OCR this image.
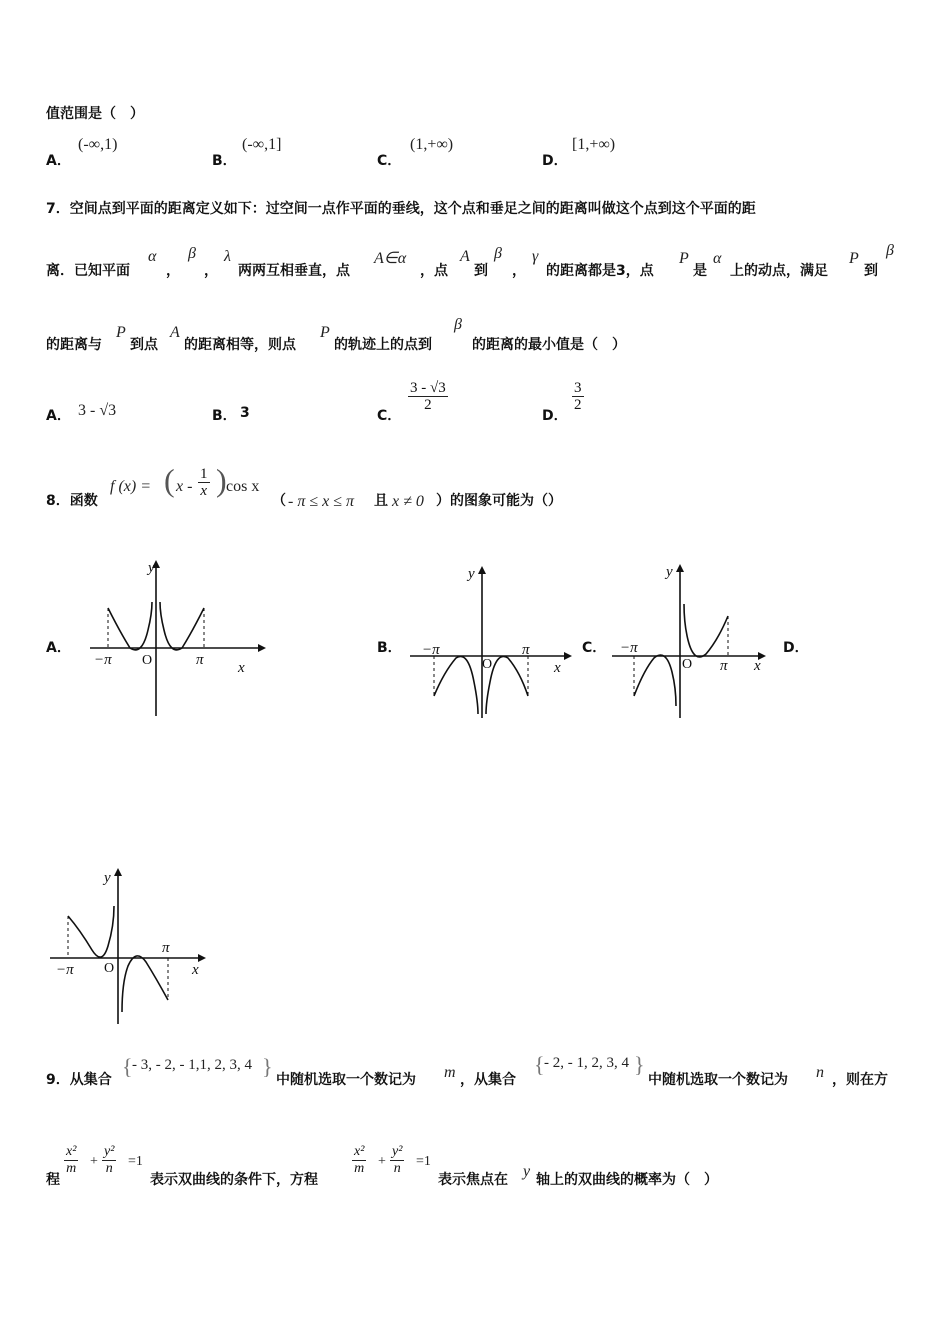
值范围是（　）
A．
(-∞,1)
B．
(-∞,1]
C．
(1,+∞)
D．
[1,+∞)
7．空间点到平面的距离定义如下：过空间一点作平面的垂线，这个点和垂足之间的距离叫做这个点到这个平面的距
离．已知平面
α
，
β
，
λ
两两互相垂直，点
A∈α
，点
A
到
β
，
γ
的距离都是3，点
P
是
α
上的动点，满足
P
到
β
的距离与
P
到点
A
的距离相等，则点
P
的轨迹上的点到
β
的距离的最小值是（　）
A． 3 - √3	B． 3	C．
$\frac{3 - √3}{2}$
D．
$\frac{3}{2}$
8．函数
f (x) = ( x - $\frac{1}{x}$ ) cos x
（ - π ≤ x ≤ π 且 x ≠ 0 ）的图象可能为（）
A．	B．	C．	D．
y
x
O
−π	π
y
x
O
−π	π
y
x
O
−π
π
y
x
O
−π
π
9．从集合
{ - 3, - 2, - 1,1, 2, 3, 4 }
中随机选取一个数记为 m ，从集合
{ - 2, - 1, 2, 3, 4 }
中随机选取一个数记为 n ，则在方
程
$\frac{\text{x²}}{m} + \frac{\text{y²}}{n} =1$
表示双曲线的条件下，方程
$\frac{\text{x²}}{m} + \frac{\text{y²}}{n} =1$
表示焦点在 y 轴上的双曲线的概率为（　）
